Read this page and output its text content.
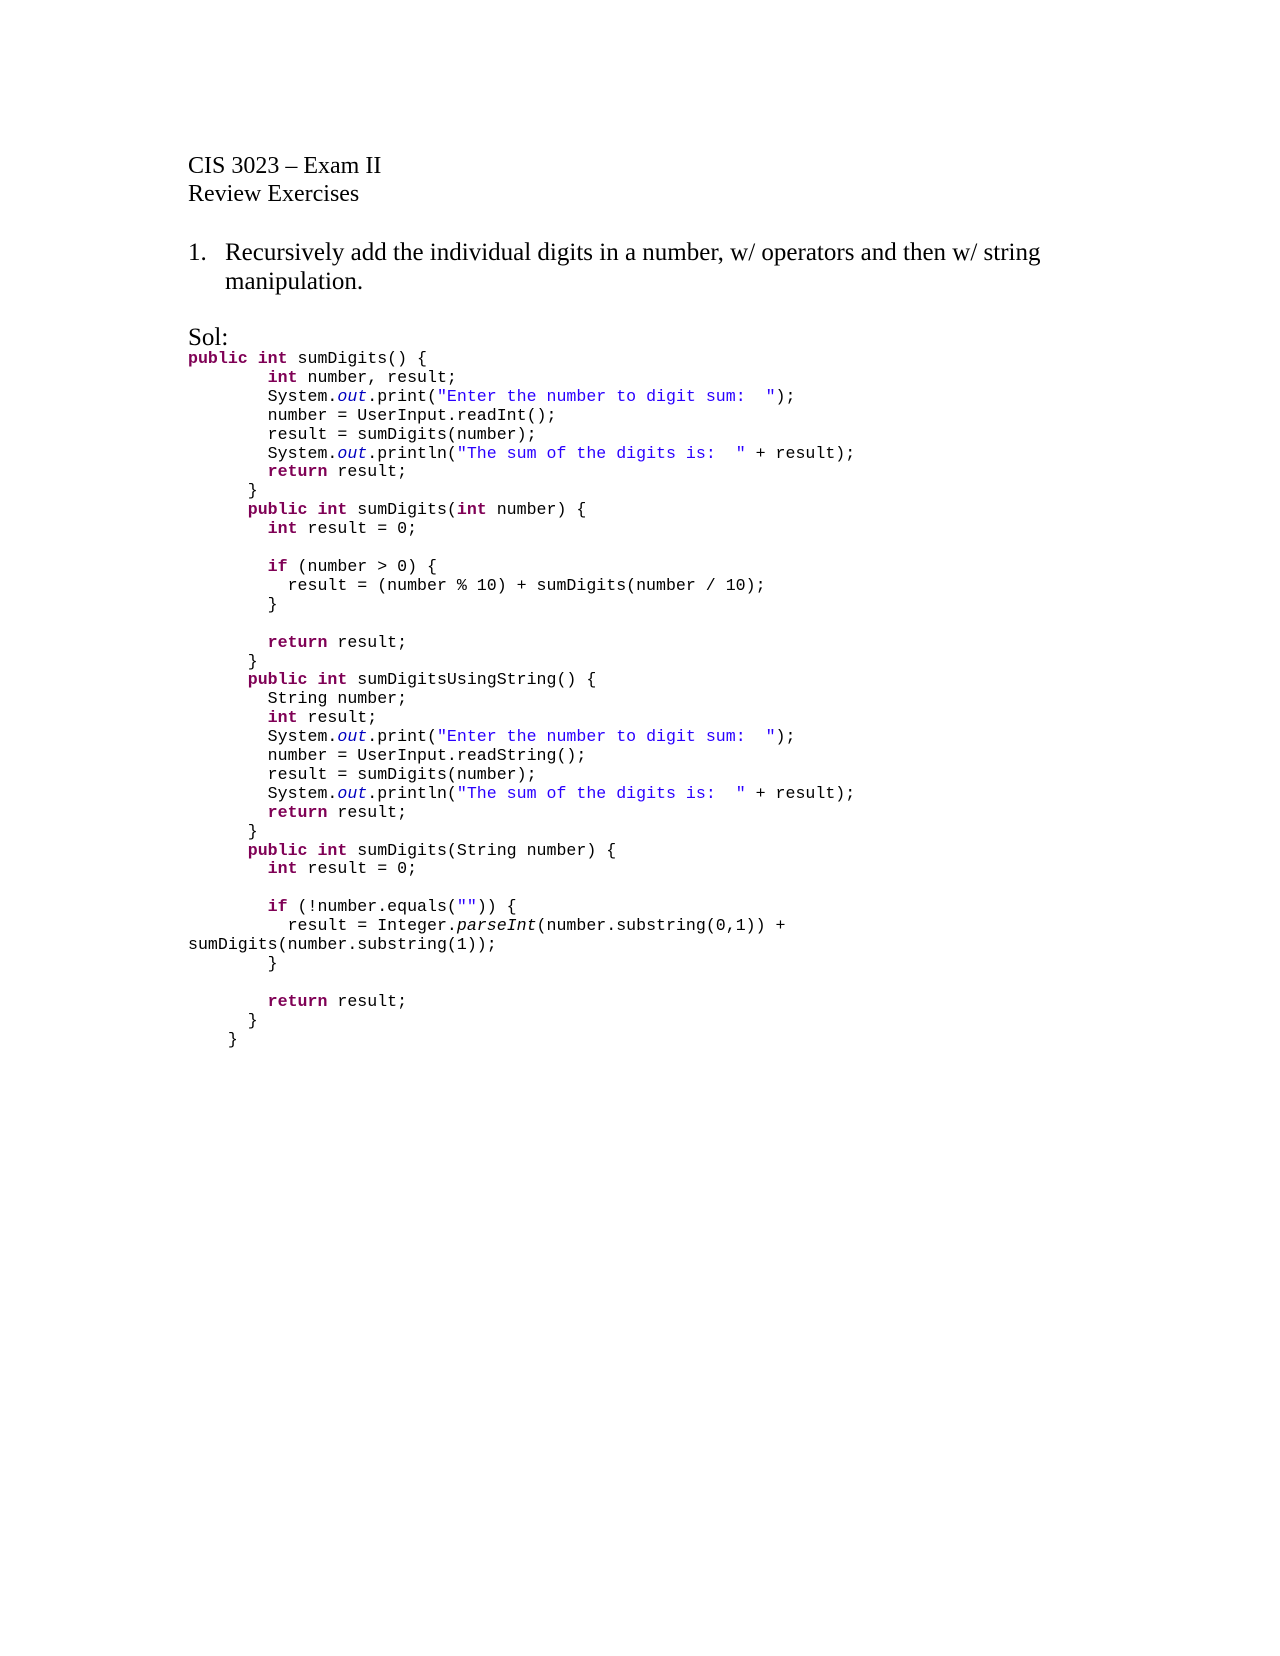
CIS 3023 – Exam II
Review Exercises
1. Recursively add the individual digits in a number, w/ operators and then w/ string manipulation.
Sol:
public int sumDigits() {
int number, result;
System.out.print("Enter the number to digit sum:  ");
number = UserInput.readInt();
result = sumDigits(number);
System.out.println("The sum of the digits is:  " + result);
return result;
}
public int sumDigits(int number) {
int result = 0;

if (number > 0) {
result = (number % 10) + sumDigits(number / 10);
}

return result;
}
public int sumDigitsUsingString() {
String number;
int result;
System.out.print("Enter the number to digit sum:  ");
number = UserInput.readString();
result = sumDigits(number);
System.out.println("The sum of the digits is:  " + result);
return result;
}
public int sumDigits(String number) {
int result = 0;

if (!number.equals("")) {
result = Integer.parseInt(number.substring(0,1)) +
sumDigits(number.substring(1));
}

return result;
}
}
